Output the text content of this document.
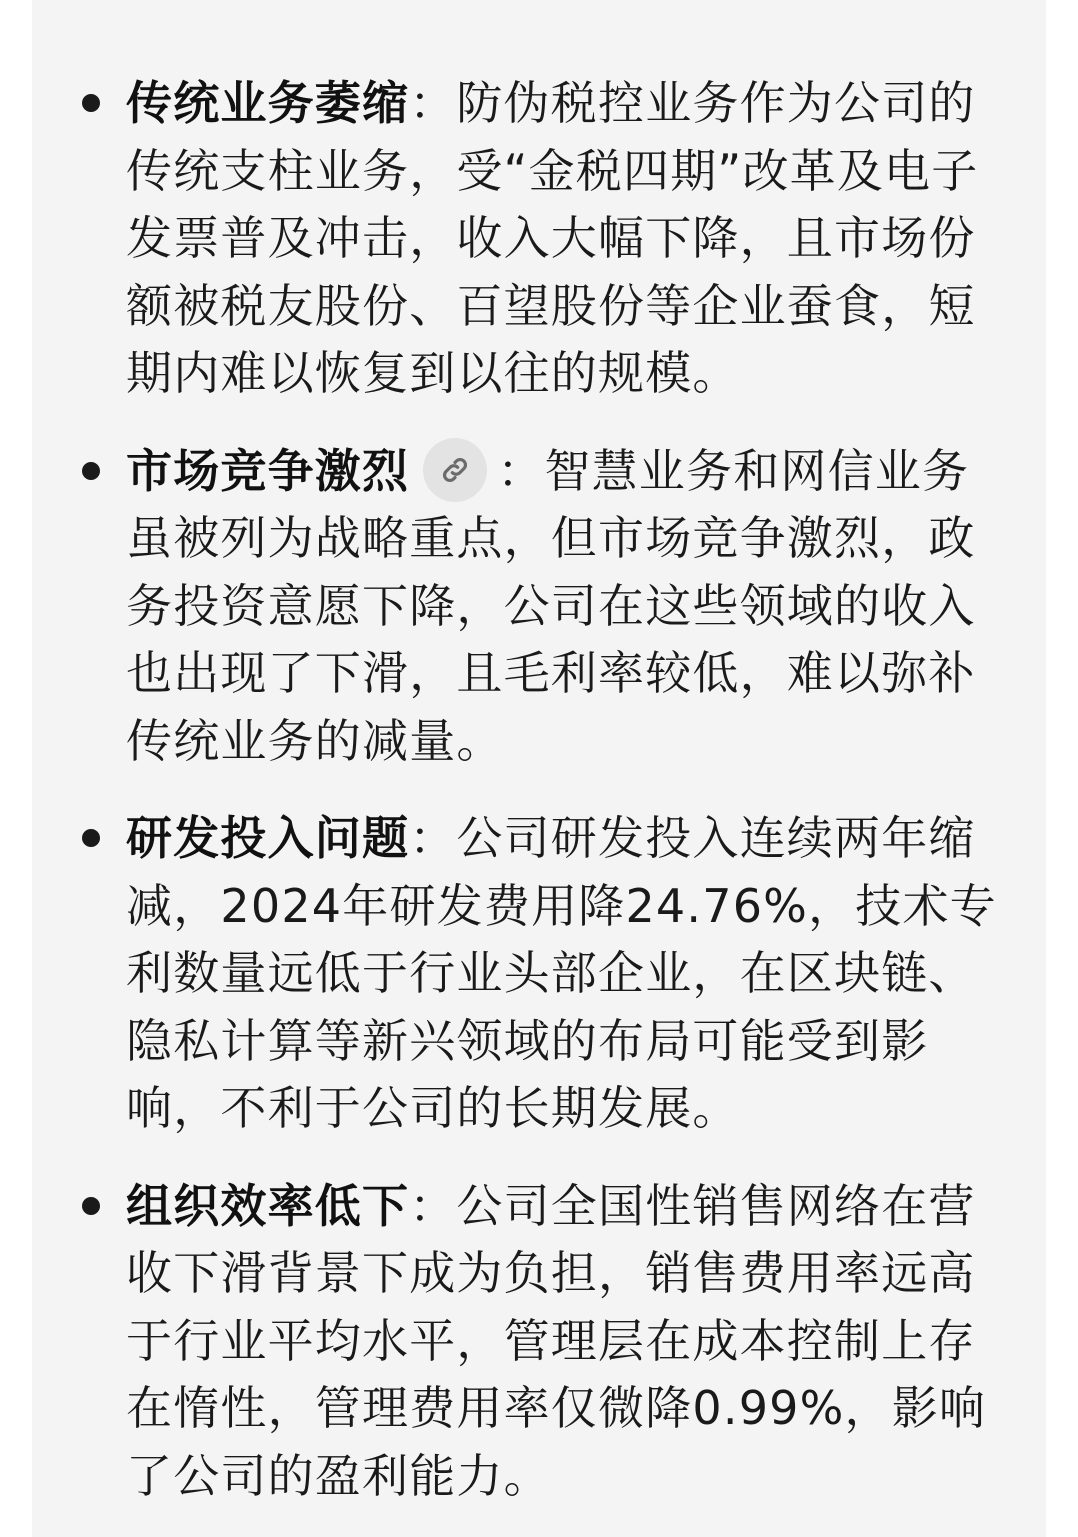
传统业务萎缩：防伪税控业务作为公司的传统支柱业务，受“金税四期”改革及电子发票普及冲击，收入大幅下降，且市场份额被税友股份、百望股份等企业蚕食，短期内难以恢复到以往的规模。
市场竞争激烈 ：智慧业务和网信业务虽被列为战略重点，但市场竞争激烈，政务投资意愿下降，公司在这些领域的收入也出现了下滑，且毛利率较低，难以弥补传统业务的减量。
研发投入问题：公司研发投入连续两年缩减，2024年研发费用降24.76%，技术专利数量远低于行业头部企业，在区块链、隐私计算等新兴领域的布局可能受到影响，不利于公司的长期发展。
组织效率低下：公司全国性销售网络在营收下滑背景下成为负担，销售费用率远高于行业平均水平，管理层在成本控制上存在惰性，管理费用率仅微降0.99%，影响了公司的盈利能力。
